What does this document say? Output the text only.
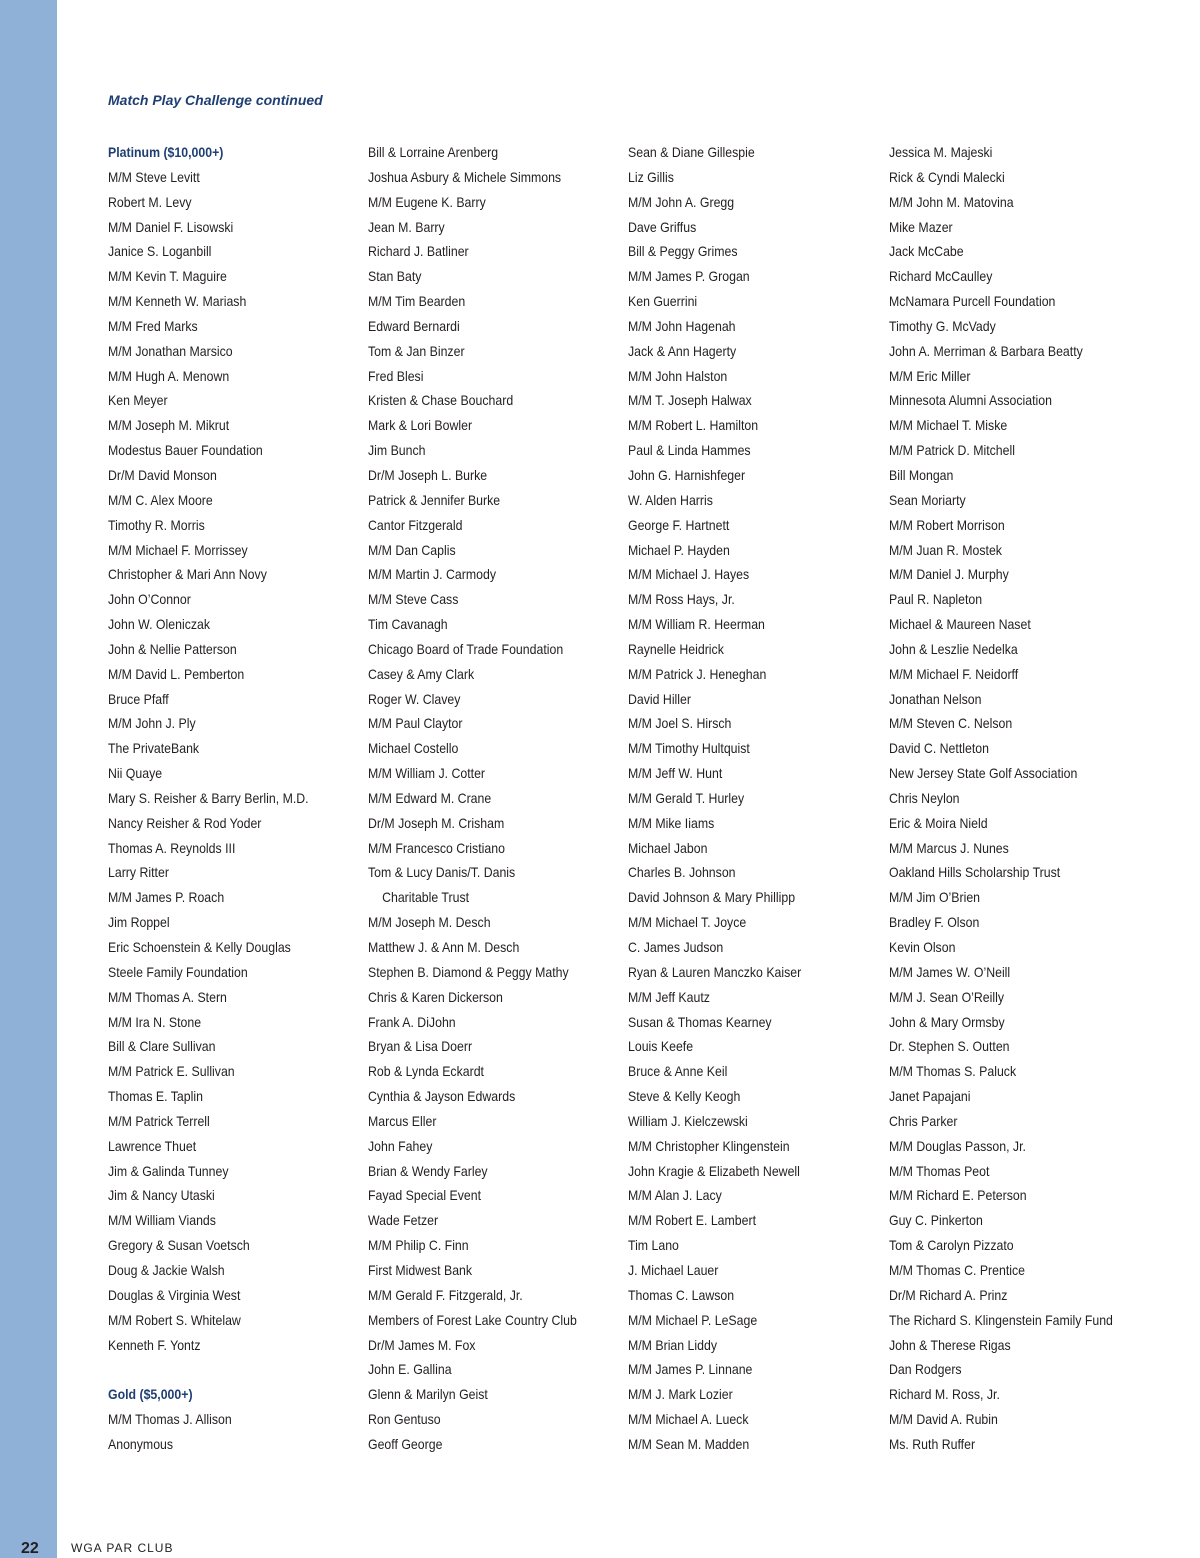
Match Play Challenge continued
Platinum ($10,000+)
M/M Steve Levitt
Robert M. Levy
M/M Daniel F. Lisowski
Janice S. Loganbill
M/M Kevin T. Maguire
M/M Kenneth W. Mariash
M/M Fred Marks
M/M Jonathan Marsico
M/M Hugh A. Menown
Ken Meyer
M/M Joseph M. Mikrut
Modestus Bauer Foundation
Dr/M David Monson
M/M C. Alex Moore
Timothy R. Morris
M/M Michael F. Morrissey
Christopher & Mari Ann Novy
John O’Connor
John W. Oleniczak
John & Nellie Patterson
M/M David L. Pemberton
Bruce Pfaff
M/M John J. Ply
The PrivateBank
Nii Quaye
Mary S. Reisher & Barry Berlin, M.D.
Nancy Reisher & Rod Yoder
Thomas A. Reynolds III
Larry Ritter
M/M James P. Roach
Jim Roppel
Eric Schoenstein & Kelly Douglas
Steele Family Foundation
M/M Thomas A. Stern
M/M Ira N. Stone
Bill & Clare Sullivan
M/M Patrick E. Sullivan
Thomas E. Taplin
M/M Patrick Terrell
Lawrence Thuet
Jim & Galinda Tunney
Jim & Nancy Utaski
M/M William Viands
Gregory & Susan Voetsch
Doug & Jackie Walsh
Douglas & Virginia West
M/M Robert S. Whitelaw
Kenneth F. Yontz
Gold ($5,000+)
M/M Thomas J. Allison
Anonymous
Bill & Lorraine Arenberg
Joshua Asbury & Michele Simmons
M/M Eugene K. Barry
Jean M. Barry
Richard J. Batliner
Stan Baty
M/M Tim Bearden
Edward Bernardi
Tom & Jan Binzer
Fred Blesi
Kristen & Chase Bouchard
Mark & Lori Bowler
Jim Bunch
Dr/M Joseph L. Burke
Patrick & Jennifer Burke
Cantor Fitzgerald
M/M Dan Caplis
M/M Martin J. Carmody
M/M Steve Cass
Tim Cavanagh
Chicago Board of Trade Foundation
Casey & Amy Clark
Roger W. Clavey
M/M Paul Claytor
Michael Costello
M/M William J. Cotter
M/M Edward M. Crane
Dr/M Joseph M. Crisham
M/M Francesco Cristiano
Tom & Lucy Danis/T. Danis
Charitable Trust
M/M Joseph M. Desch
Matthew J. & Ann M. Desch
Stephen B. Diamond & Peggy Mathy
Chris & Karen Dickerson
Frank A. DiJohn
Bryan & Lisa Doerr
Rob & Lynda Eckardt
Cynthia & Jayson Edwards
Marcus Eller
John Fahey
Brian & Wendy Farley
Fayad Special Event
Wade Fetzer
M/M Philip C. Finn
First Midwest Bank
M/M Gerald F. Fitzgerald, Jr.
Members of Forest Lake Country Club
Dr/M James M. Fox
John E. Gallina
Glenn & Marilyn Geist
Ron Gentuso
Geoff George
Sean & Diane Gillespie
Liz Gillis
M/M John A. Gregg
Dave Griffus
Bill & Peggy Grimes
M/M James P. Grogan
Ken Guerrini
M/M John Hagenah
Jack & Ann Hagerty
M/M John Halston
M/M T. Joseph Halwax
M/M Robert L. Hamilton
Paul & Linda Hammes
John G. Harnishfeger
W. Alden Harris
George F. Hartnett
Michael P. Hayden
M/M Michael J. Hayes
M/M Ross Hays, Jr.
M/M William R. Heerman
Raynelle Heidrick
M/M Patrick J. Heneghan
David Hiller
M/M Joel S. Hirsch
M/M Timothy Hultquist
M/M Jeff W. Hunt
M/M Gerald T. Hurley
M/M Mike Iiams
Michael Jabon
Charles B. Johnson
David Johnson & Mary Phillipp
M/M Michael T. Joyce
C. James Judson
Ryan & Lauren Manczko Kaiser
M/M Jeff Kautz
Susan & Thomas Kearney
Louis Keefe
Bruce & Anne Keil
Steve & Kelly Keogh
William J. Kielczewski
M/M Christopher Klingenstein
John Kragie & Elizabeth Newell
M/M Alan J. Lacy
M/M Robert E. Lambert
Tim Lano
J. Michael Lauer
Thomas C. Lawson
M/M Michael P. LeSage
M/M Brian Liddy
M/M James P. Linnane
M/M J. Mark Lozier
M/M Michael A. Lueck
M/M Sean M. Madden
Jessica M. Majeski
Rick & Cyndi Malecki
M/M John M. Matovina
Mike Mazer
Jack McCabe
Richard McCaulley
McNamara Purcell Foundation
Timothy G. McVady
John A. Merriman & Barbara Beatty
M/M Eric Miller
Minnesota Alumni Association
M/M Michael T. Miske
M/M Patrick D. Mitchell
Bill Mongan
Sean Moriarty
M/M Robert Morrison
M/M Juan R. Mostek
M/M Daniel J. Murphy
Paul R. Napleton
Michael & Maureen Naset
John & Leszlie Nedelka
M/M Michael F. Neidorff
Jonathan Nelson
M/M Steven C. Nelson
David C. Nettleton
New Jersey State Golf Association
Chris Neylon
Eric & Moira Nield
M/M Marcus J. Nunes
Oakland Hills Scholarship Trust
M/M Jim O’Brien
Bradley F. Olson
Kevin Olson
M/M James W. O’Neill
M/M J. Sean O’Reilly
John & Mary Ormsby
Dr. Stephen S. Outten
M/M Thomas S. Paluck
Janet Papajani
Chris Parker
M/M Douglas Passon, Jr.
M/M Thomas Peot
M/M Richard E. Peterson
Guy C. Pinkerton
Tom & Carolyn Pizzato
M/M Thomas C. Prentice
Dr/M Richard A. Prinz
The Richard S. Klingenstein Family Fund
John & Therese Rigas
Dan Rodgers
Richard M. Ross, Jr.
M/M David A. Rubin
Ms. Ruth Ruffer
22	WGA PAR CLUB
